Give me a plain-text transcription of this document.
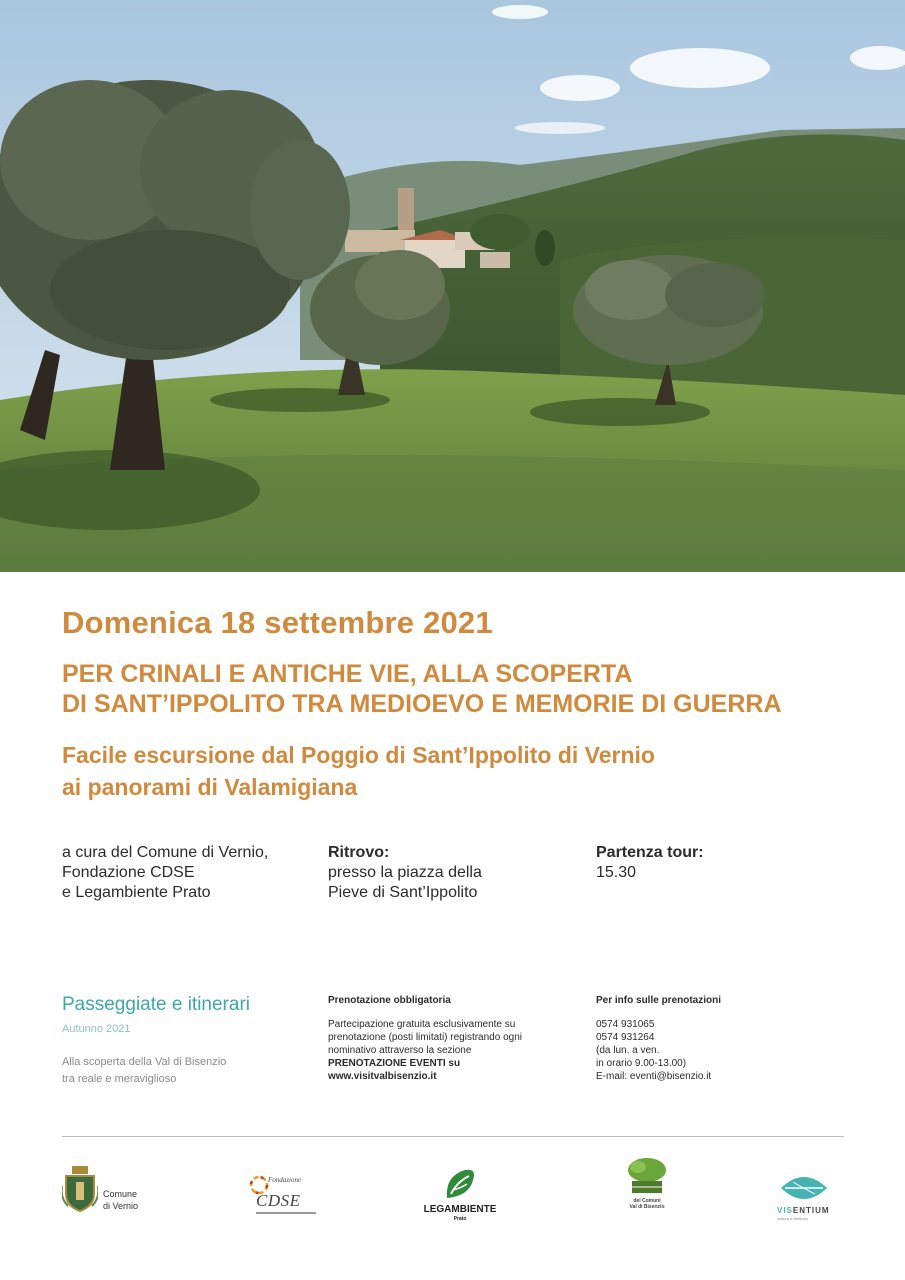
Domenica 18 settembre 2021
PER CRINALI E ANTICHE VIE, ALLA SCOPERTA
DI SANT’IPPOLITO TRA MEDIOEVO E MEMORIE DI GUERRA
Facile escursione dal Poggio di Sant’Ippolito di Vernio
ai panorami di Valamigiana
a cura del Comune di Vernio,
Fondazione CDSE
e Legambiente Prato
Ritrovo:
presso la piazza della
Pieve di Sant’Ippolito
Partenza tour:
15.30
Passeggiate e itinerari
Autunno 2021
Alla scoperta della Val di Bisenzio
tra reale e meraviglioso
Prenotazione obbligatoria
Partecipazione gratuita esclusivamente su
prenotazione (posti limitati) registrando ogni
nominativo attraverso la sezione
PRENOTAZIONE EVENTI su
www.visitvalbisenzio.it
Per info sulle prenotazioni
0574 931065
0574 931264
(da lun. a ven.
in orario 9.00-13.00)
E-mail: eventi@bisenzio.it
Comune
di Vernio
Fondazione
CDSE	LEGAMBIENTE
Prato
dei Comuni
Val di Bisenzio	VISENTIUM
cultura e territorio
